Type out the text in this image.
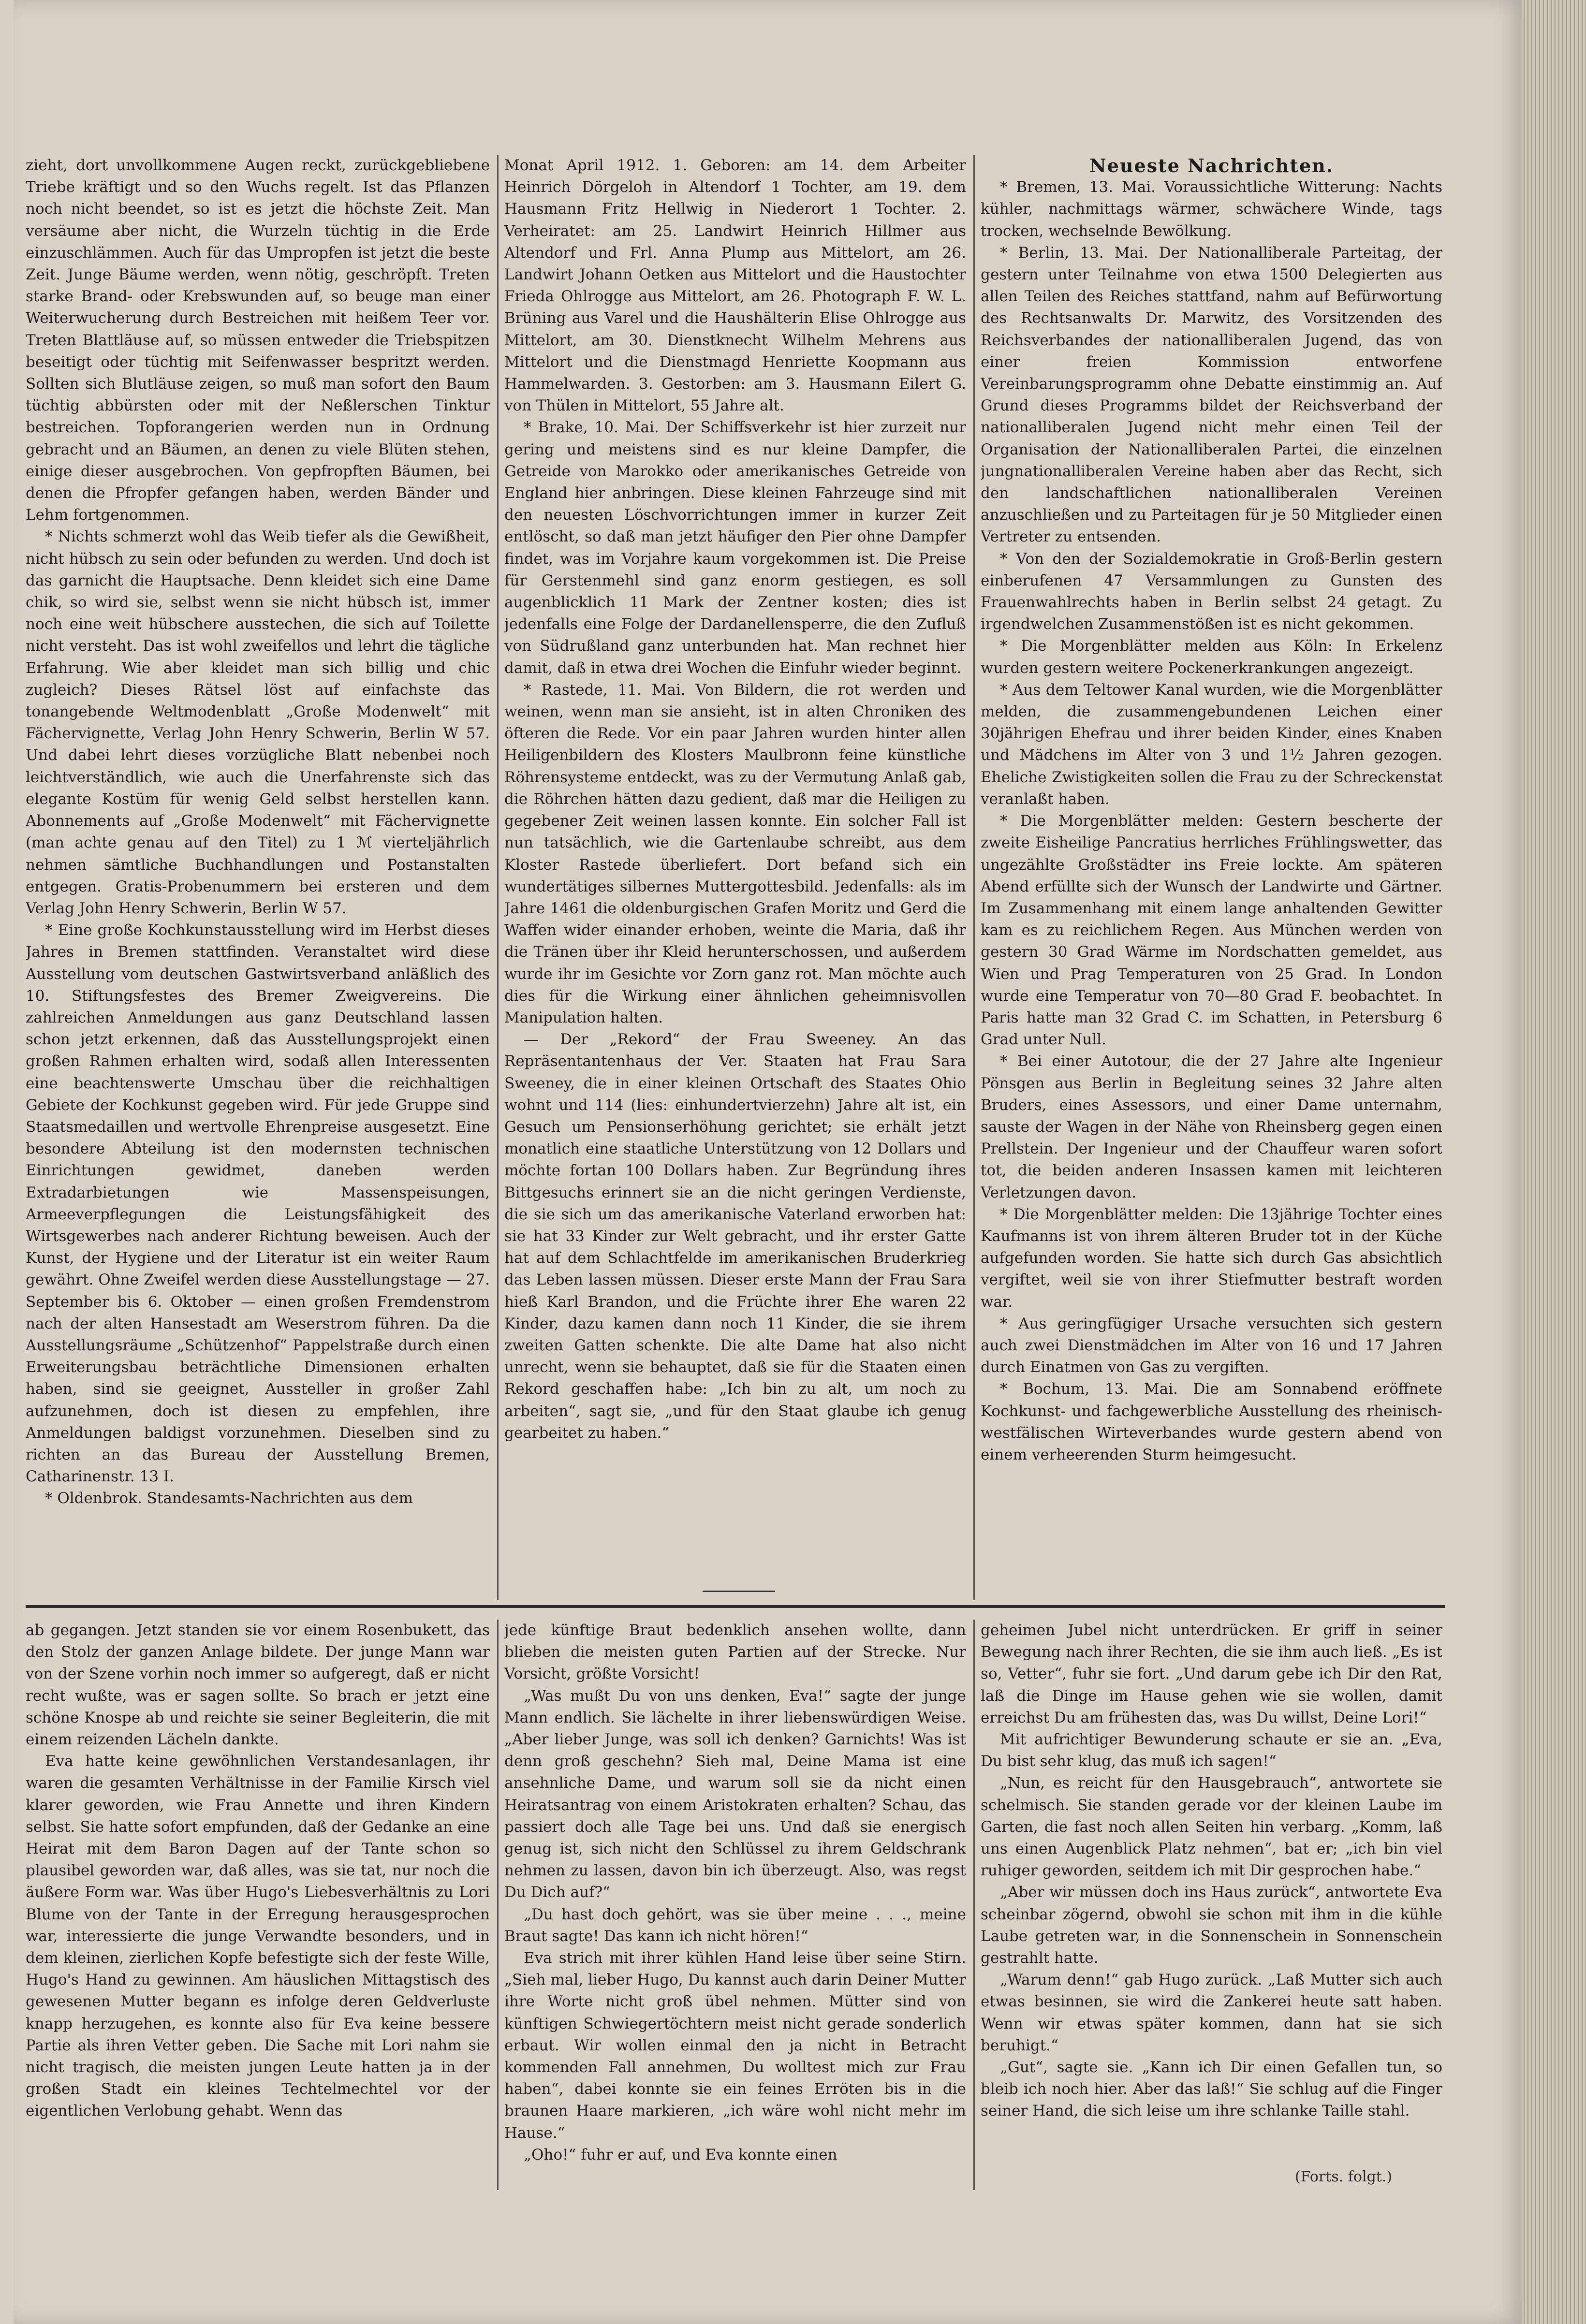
zieht, dort unvollkommene Augen reckt, zurückgebliebene Triebe kräftigt und so den Wuchs regelt. Ist das Pflanzen noch nicht beendet, so ist es jetzt die höchste Zeit. Man versäume aber nicht, die Wurzeln tüchtig in die Erde einzuschlämmen. Auch für das Umpropfen ist jetzt die beste Zeit. Junge Bäume werden, wenn nötig, geschröpft. Treten starke Brand- oder Krebswunden auf, so beuge man einer Weiterwucherung durch Bestreichen mit heißem Teer vor. Treten Blattläuse auf, so müssen entweder die Triebspitzen beseitigt oder tüchtig mit Seifenwasser bespritzt werden. Sollten sich Blutläuse zeigen, so muß man sofort den Baum tüchtig abbürsten oder mit der Neßlerschen Tinktur bestreichen. Topforangerien werden nun in Ordnung gebracht und an Bäumen, an denen zu viele Blüten stehen, einige dieser ausgebrochen. Von gepfropften Bäumen, bei denen die Pfropfer gefangen haben, werden Bänder und Lehm fortgenommen.

* Nichts schmerzt wohl das Weib tiefer als die Gewißheit, nicht hübsch zu sein oder befunden zu werden. Und doch ist das garnicht die Hauptsache. Denn kleidet sich eine Dame chik, so wird sie, selbst wenn sie nicht hübsch ist, immer noch eine weit hübschere ausstechen, die sich auf Toilette nicht versteht. Das ist wohl zweifellos und lehrt die tägliche Erfahrung. Wie aber kleidet man sich billig und chic zugleich? Dieses Rätsel löst auf einfachste das tonangebende Weltmodenblatt „Große Modenwelt“ mit Fächervignette, Verlag John Henry Schwerin, Berlin W 57. Und dabei lehrt dieses vorzügliche Blatt nebenbei noch leichtverständlich, wie auch die Unerfahrenste sich das elegante Kostüm für wenig Geld selbst herstellen kann. Abonnements auf „Große Modenwelt“ mit Fächervignette (man achte genau auf den Titel) zu 1 ℳ vierteljährlich nehmen sämtliche Buchhandlungen und Postanstalten entgegen. Gratis-Probenummern bei ersteren und dem Verlag John Henry Schwerin, Berlin W 57.

* Eine große Kochkunstausstellung wird im Herbst dieses Jahres in Bremen stattfinden. Veranstaltet wird diese Ausstellung vom deutschen Gastwirtsverband anläßlich des 10. Stiftungsfestes des Bremer Zweigvereins. Die zahlreichen Anmeldungen aus ganz Deutschland lassen schon jetzt erkennen, daß das Ausstellungsprojekt einen großen Rahmen erhalten wird, sodaß allen Interessenten eine beachtenswerte Umschau über die reichhaltigen Gebiete der Kochkunst gegeben wird. Für jede Gruppe sind Staatsmedaillen und wertvolle Ehrenpreise ausgesetzt. Eine besondere Abteilung ist den modernsten technischen Einrichtungen gewidmet, daneben werden Extradarbietungen wie Massenspeisungen, Armeeverpflegungen die Leistungsfähigkeit des Wirtsgewerbes nach anderer Richtung beweisen. Auch der Kunst, der Hygiene und der Literatur ist ein weiter Raum gewährt. Ohne Zweifel werden diese Ausstellungstage — 27. September bis 6. Oktober — einen großen Fremdenstrom nach der alten Hansestadt am Weserstrom führen. Da die Ausstellungsräume „Schützenhof“ Pappelstraße durch einen Erweiterungsbau beträchtliche Dimensionen erhalten haben, sind sie geeignet, Aussteller in großer Zahl aufzunehmen, doch ist diesen zu empfehlen, ihre Anmeldungen baldigst vorzunehmen. Dieselben sind zu richten an das Bureau der Ausstellung Bremen, Catharinenstr. 13 I.

* Oldenbrok. Standesamts-Nachrichten aus dem

Monat April 1912. 1. Geboren: am 14. dem Arbeiter Heinrich Dörgeloh in Altendorf 1 Tochter, am 19. dem Hausmann Fritz Hellwig in Niederort 1 Tochter. 2. Verheiratet: am 25. Landwirt Heinrich Hillmer aus Altendorf und Frl. Anna Plump aus Mittelort, am 26. Landwirt Johann Oetken aus Mittelort und die Haustochter Frieda Ohlrogge aus Mittelort, am 26. Photograph F. W. L. Brüning aus Varel und die Haushälterin Elise Ohlrogge aus Mittelort, am 30. Dienstknecht Wilhelm Mehrens aus Mittelort und die Dienstmagd Henriette Koopmann aus Hammelwarden. 3. Gestorben: am 3. Hausmann Eilert G. von Thülen in Mittelort, 55 Jahre alt.

* Brake, 10. Mai. Der Schiffsverkehr ist hier zurzeit nur gering und meistens sind es nur kleine Dampfer, die Getreide von Marokko oder amerikanisches Getreide von England hier anbringen. Diese kleinen Fahrzeuge sind mit den neuesten Löschvorrichtungen immer in kurzer Zeit entlöscht, so daß man jetzt häufiger den Pier ohne Dampfer findet, was im Vorjahre kaum vorgekommen ist. Die Preise für Gerstenmehl sind ganz enorm gestiegen, es soll augenblicklich 11 Mark der Zentner kosten; dies ist jedenfalls eine Folge der Dardanellensperre, die den Zufluß von Südrußland ganz unterbunden hat. Man rechnet hier damit, daß in etwa drei Wochen die Einfuhr wieder beginnt.

* Rastede, 11. Mai. Von Bildern, die rot werden und weinen, wenn man sie ansieht, ist in alten Chroniken des öfteren die Rede. Vor ein paar Jahren wurden hinter allen Heiligenbildern des Klosters Maulbronn feine künstliche Röhrensysteme entdeckt, was zu der Vermutung Anlaß gab, die Röhrchen hätten dazu gedient, daß mar die Heiligen zu gegebener Zeit weinen lassen konnte. Ein solcher Fall ist nun tatsächlich, wie die Gartenlaube schreibt, aus dem Kloster Rastede überliefert. Dort befand sich ein wundertätiges silbernes Muttergottesbild. Jedenfalls: als im Jahre 1461 die oldenburgischen Grafen Moritz und Gerd die Waffen wider einander erhoben, weinte die Maria, daß ihr die Tränen über ihr Kleid herunterschossen, und außerdem wurde ihr im Gesichte vor Zorn ganz rot. Man möchte auch dies für die Wirkung einer ähnlichen geheimnisvollen Manipulation halten.

— Der „Rekord“ der Frau Sweeney. An das Repräsentantenhaus der Ver. Staaten hat Frau Sara Sweeney, die in einer kleinen Ortschaft des Staates Ohio wohnt und 114 (lies: einhundertvierzehn) Jahre alt ist, ein Gesuch um Pensionserhöhung gerichtet; sie erhält jetzt monatlich eine staatliche Unterstützung von 12 Dollars und möchte fortan 100 Dollars haben. Zur Begründung ihres Bittgesuchs erinnert sie an die nicht geringen Verdienste, die sie sich um das amerikanische Vaterland erworben hat: sie hat 33 Kinder zur Welt gebracht, und ihr erster Gatte hat auf dem Schlachtfelde im amerikanischen Bruderkrieg das Leben lassen müssen. Dieser erste Mann der Frau Sara hieß Karl Brandon, und die Früchte ihrer Ehe waren 22 Kinder, dazu kamen dann noch 11 Kinder, die sie ihrem zweiten Gatten schenkte. Die alte Dame hat also nicht unrecht, wenn sie behauptet, daß sie für die Staaten einen Rekord geschaffen habe: „Ich bin zu alt, um noch zu arbeiten“, sagt sie, „und für den Staat glaube ich genug gearbeitet zu haben.“

Neueste Nachrichten.

* Bremen, 13. Mai. Voraussichtliche Witterung: Nachts kühler, nachmittags wärmer, schwächere Winde, tags trocken, wechselnde Bewölkung.

* Berlin, 13. Mai. Der Nationalliberale Parteitag, der gestern unter Teilnahme von etwa 1500 Delegierten aus allen Teilen des Reiches stattfand, nahm auf Befürwortung des Rechtsanwalts Dr. Marwitz, des Vorsitzenden des Reichsverbandes der nationalliberalen Jugend, das von einer freien Kommission entworfene Vereinbarungsprogramm ohne Debatte einstimmig an. Auf Grund dieses Programms bildet der Reichsverband der nationalliberalen Jugend nicht mehr einen Teil der Organisation der Nationalliberalen Partei, die einzelnen jungnationalliberalen Vereine haben aber das Recht, sich den landschaftlichen nationalliberalen Vereinen anzuschließen und zu Parteitagen für je 50 Mitglieder einen Vertreter zu entsenden.

* Von den der Sozialdemokratie in Groß-Berlin gestern einberufenen 47 Versammlungen zu Gunsten des Frauenwahlrechts haben in Berlin selbst 24 getagt. Zu irgendwelchen Zusammenstößen ist es nicht gekommen.

* Die Morgenblätter melden aus Köln: In Erkelenz wurden gestern weitere Pockenerkrankungen angezeigt.

* Aus dem Teltower Kanal wurden, wie die Morgenblätter melden, die zusammengebundenen Leichen einer 30jährigen Ehefrau und ihrer beiden Kinder, eines Knaben und Mädchens im Alter von 3 und 1½ Jahren gezogen. Eheliche Zwistigkeiten sollen die Frau zu der Schreckenstat veranlaßt haben.

* Die Morgenblätter melden: Gestern bescherte der zweite Eisheilige Pancratius herrliches Frühlingswetter, das ungezählte Großstädter ins Freie lockte. Am späteren Abend erfüllte sich der Wunsch der Landwirte und Gärtner. Im Zusammenhang mit einem lange anhaltenden Gewitter kam es zu reichlichem Regen. Aus München werden von gestern 30 Grad Wärme im Nordschatten gemeldet, aus Wien und Prag Temperaturen von 25 Grad. In London wurde eine Temperatur von 70—80 Grad F. beobachtet. In Paris hatte man 32 Grad C. im Schatten, in Petersburg 6 Grad unter Null.

* Bei einer Autotour, die der 27 Jahre alte Ingenieur Pönsgen aus Berlin in Begleitung seines 32 Jahre alten Bruders, eines Assessors, und einer Dame unternahm, sauste der Wagen in der Nähe von Rheinsberg gegen einen Prellstein. Der Ingenieur und der Chauffeur waren sofort tot, die beiden anderen Insassen kamen mit leichteren Verletzungen davon.

* Die Morgenblätter melden: Die 13jährige Tochter eines Kaufmanns ist von ihrem älteren Bruder tot in der Küche aufgefunden worden. Sie hatte sich durch Gas absichtlich vergiftet, weil sie von ihrer Stiefmutter bestraft worden war.

* Aus geringfügiger Ursache versuchten sich gestern auch zwei Dienstmädchen im Alter von 16 und 17 Jahren durch Einatmen von Gas zu vergiften.

* Bochum, 13. Mai. Die am Sonnabend eröffnete Kochkunst- und fachgewerbliche Ausstellung des rheinisch-westfälischen Wirteverbandes wurde gestern abend von einem verheerenden Sturm heimgesucht.

ab gegangen. Jetzt standen sie vor einem Rosenbukett, das den Stolz der ganzen Anlage bildete. Der junge Mann war von der Szene vorhin noch immer so aufgeregt, daß er nicht recht wußte, was er sagen sollte. So brach er jetzt eine schöne Knospe ab und reichte sie seiner Begleiterin, die mit einem reizenden Lächeln dankte.

Eva hatte keine gewöhnlichen Verstandesanlagen, ihr waren die gesamten Verhältnisse in der Familie Kirsch viel klarer geworden, wie Frau Annette und ihren Kindern selbst. Sie hatte sofort empfunden, daß der Gedanke an eine Heirat mit dem Baron Dagen auf der Tante schon so plausibel geworden war, daß alles, was sie tat, nur noch die äußere Form war. Was über Hugo's Liebesverhältnis zu Lori Blume von der Tante in der Erregung herausgesprochen war, interessierte die junge Verwandte besonders, und in dem kleinen, zierlichen Kopfe befestigte sich der feste Wille, Hugo's Hand zu gewinnen. Am häuslichen Mittagstisch des gewesenen Mutter begann es infolge deren Geldverluste knapp herzugehen, es konnte also für Eva keine bessere Partie als ihren Vetter geben. Die Sache mit Lori nahm sie nicht tragisch, die meisten jungen Leute hatten ja in der großen Stadt ein kleines Techtelmechtel vor der eigentlichen Verlobung gehabt. Wenn das

jede künftige Braut bedenklich ansehen wollte, dann blieben die meisten guten Partien auf der Strecke. Nur Vorsicht, größte Vorsicht!

„Was mußt Du von uns denken, Eva!“ sagte der junge Mann endlich. Sie lächelte in ihrer liebenswürdigen Weise. „Aber lieber Junge, was soll ich denken? Garnichts! Was ist denn groß geschehn? Sieh mal, Deine Mama ist eine ansehnliche Dame, und warum soll sie da nicht einen Heiratsantrag von einem Aristokraten erhalten? Schau, das passiert doch alle Tage bei uns. Und daß sie energisch genug ist, sich nicht den Schlüssel zu ihrem Geldschrank nehmen zu lassen, davon bin ich überzeugt. Also, was regst Du Dich auf?“

„Du hast doch gehört, was sie über meine . . ., meine Braut sagte! Das kann ich nicht hören!“

Eva strich mit ihrer kühlen Hand leise über seine Stirn. „Sieh mal, lieber Hugo, Du kannst auch darin Deiner Mutter ihre Worte nicht groß übel nehmen. Mütter sind von künftigen Schwiegertöchtern meist nicht gerade sonderlich erbaut. Wir wollen einmal den ja nicht in Betracht kommenden Fall annehmen, Du wolltest mich zur Frau haben“, dabei konnte sie ein feines Erröten bis in die braunen Haare markieren, „ich wäre wohl nicht mehr im Hause.“

„Oho!“ fuhr er auf, und Eva konnte einen

geheimen Jubel nicht unterdrücken. Er griff in seiner Bewegung nach ihrer Rechten, die sie ihm auch ließ. „Es ist so, Vetter“, fuhr sie fort. „Und darum gebe ich Dir den Rat, laß die Dinge im Hause gehen wie sie wollen, damit erreichst Du am frühesten das, was Du willst, Deine Lori!“

Mit aufrichtiger Bewunderung schaute er sie an. „Eva, Du bist sehr klug, das muß ich sagen!“

„Nun, es reicht für den Hausgebrauch“, antwortete sie schelmisch. Sie standen gerade vor der kleinen Laube im Garten, die fast noch allen Seiten hin verbarg. „Komm, laß uns einen Augenblick Platz nehmen“, bat er; „ich bin viel ruhiger geworden, seitdem ich mit Dir gesprochen habe.“

„Aber wir müssen doch ins Haus zurück“, antwortete Eva scheinbar zögernd, obwohl sie schon mit ihm in die kühle Laube getreten war, in die Sonnenschein in Sonnenschein gestrahlt hatte.

„Warum denn!“ gab Hugo zurück. „Laß Mutter sich auch etwas besinnen, sie wird die Zankerei heute satt haben. Wenn wir etwas später kommen, dann hat sie sich beruhigt.“

„Gut“, sagte sie. „Kann ich Dir einen Gefallen tun, so bleib ich noch hier. Aber das laß!“ Sie schlug auf die Finger seiner Hand, die sich leise um ihre schlanke Taille stahl.

(Forts. folgt.)
